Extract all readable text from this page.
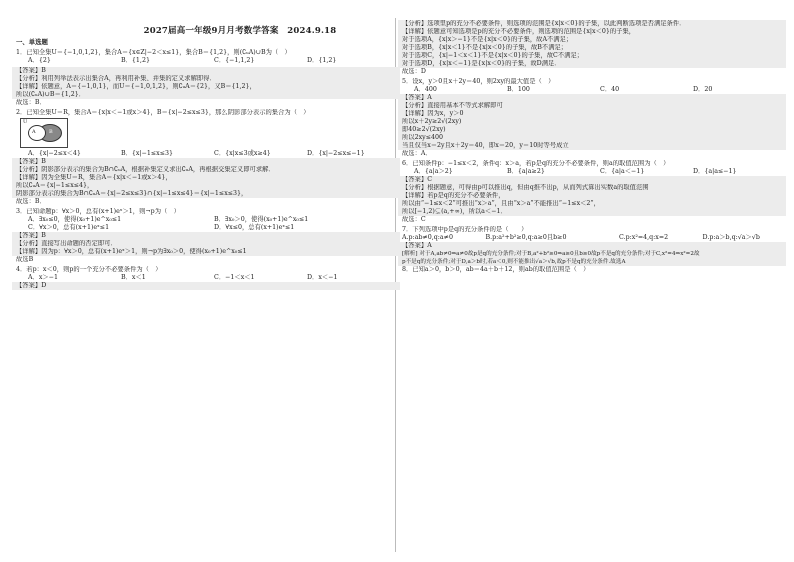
2027届高一年级9月月考数学答案　2024.9.18
一、单选题
1．已知全集U＝{−1,0,1,2}，集合A＝{x∈Z|−2＜x≤1}，集合B＝{1,2}，则(∁ᵤA)∪B为（　）
A．{2}	B．{1,2}	C．{−1,1,2}	D．{1,2}
【答案】B
【分析】利用列举法表示出集合A，再利用补集、并集的定义求解即得．
【详解】依题意，A＝{−1,0,1}，而U＝{−1,0,1,2}，则∁ᵤA＝{2}，又B＝{1,2}，
所以(∁ᵤA)∪B＝{1,2}．
故选：B．
2．已知全集U＝R，集合A＝{x|x＜−1或x＞4}，B＝{x|−2≤x≤3}，那么阴影部分表示的集合为（　）
U
A	B
A．{x|−2≤x＜4}	B．{x|−1≤x≤3}	C．{x|x≤3或x≥4}	D．{x|−2≤x≤−1}
【答案】B
【分析】阴影部分表示的集合为B∩∁ᵤA，根据补集定义求出∁ᵤA，再根据交集定义即可求解．
【详解】因为全集U＝R，集合A＝{x|x＜−1或x＞4}，
所以∁ᵤA＝{x|−1≤x≤4}，
阴影部分表示的集合为B∩∁ᵤA＝{x|−2≤x≤3}∩{x|−1≤x≤4}＝{x|−1≤x≤3}，
故选：B．
3．已知命题p：∀x＞0，总有(x+1)eˣ＞1，则¬p为（　）
A．∃x₀≤0，使得(x₀+1)e^x₀≤1	B．∃x₀＞0，使得(x₀+1)e^x₀≤1
C．∀x＞0，总有(x+1)eˣ≤1	D．∀x≤0，总有(x+1)eˣ≤1
【答案】B
【分析】直接写出命题的否定即可．
【详解】因为p：∀x＞0，总有(x+1)eˣ＞1，则¬p为∃x₀＞0，使得(x₀+1)e^x₀≤1
故选B
4．若p：x＜0，则p的一个充分不必要条件为（　）
A．x＞−1	B．x＜1	C．−1＜x＜1	D．x＜−1
【答案】D
【分析】选项里p的充分不必要条件，则选项的范围是{x|x＜0}的子集，以此判断选项是否满足条件．
【详解】依题意可知选项是p的充分不必要条件，则选项的范围是{x|x＜0}的子集，
对于选项A，{x|x＞−1}不是{x|x＜0}的子集，故A不满足；
对于选项B，{x|x＜1}不是{x|x＜0}的子集，故B不满足；
对于选项C，{x|−1＜x＜1}不是{x|x＜0}的子集，故C不满足；
对于选项D，{x|x＜−1}是{x|x＜0}的子集，故D满足．
故选：D
5．设x，y＞0且x＋2y＝40，则2xy的最大值是（　）
A．400	B．100	C．40	D．20
【答案】A
【分析】直接用基本不等式求解即可
【详解】因为x，y＞0
所以x＋2y≥2√(2xy)
即40≥2√(2xy)
所以2xy≤400
当且仅当x＝2y且x＋2y＝40，即x＝20，y＝10时等号成立
故选：A．
6．已知条件p：−1≤x＜2，条件q：x＞a，若p是q的充分不必要条件，则a的取值范围为（　）
A．{a|a＞2}	B．{a|a≥2}	C．{a|a＜−1}	D．{a|a≤−1}
【答案】C
【分析】根据题意，可得由p可以推出q，但由q推不出p，从而列式算出实数a的取值范围
【详解】若p是q的充分不必要条件，
所以由“−1≤x＜2”可推出“x＞a”，且由“x＞a”不能推出“−1≤x＜2”，
所以[−1,2)⊊(a,+∞)，所以a＜−1．
故选：C
7．下列选项中p是q的充分条件的是（　　）
A.p:ab≠0,q:a≠0	B.p:a²+b²≥0,q:a≥0且b≥0	C.p:x²=4,q:x=2	D.p:a＞b,q:√a＞√b
【答案】A
[解析] 对于A,ab≠0⇒a≠0故p是q的充分条件;对于B,a²+b²≥0⇒a≥0且b≥0故p不是q的充分条件;对于C,x²=4⇒x²=2故
p不是q的充分条件;对于D,a＞b时,若a＜0,则不能推出√a＞√b,故p不是q的充分条件.故选A
8．已知a＞0，b＞0，ab＝4a＋b＋12，则ab的取值范围是（　）
